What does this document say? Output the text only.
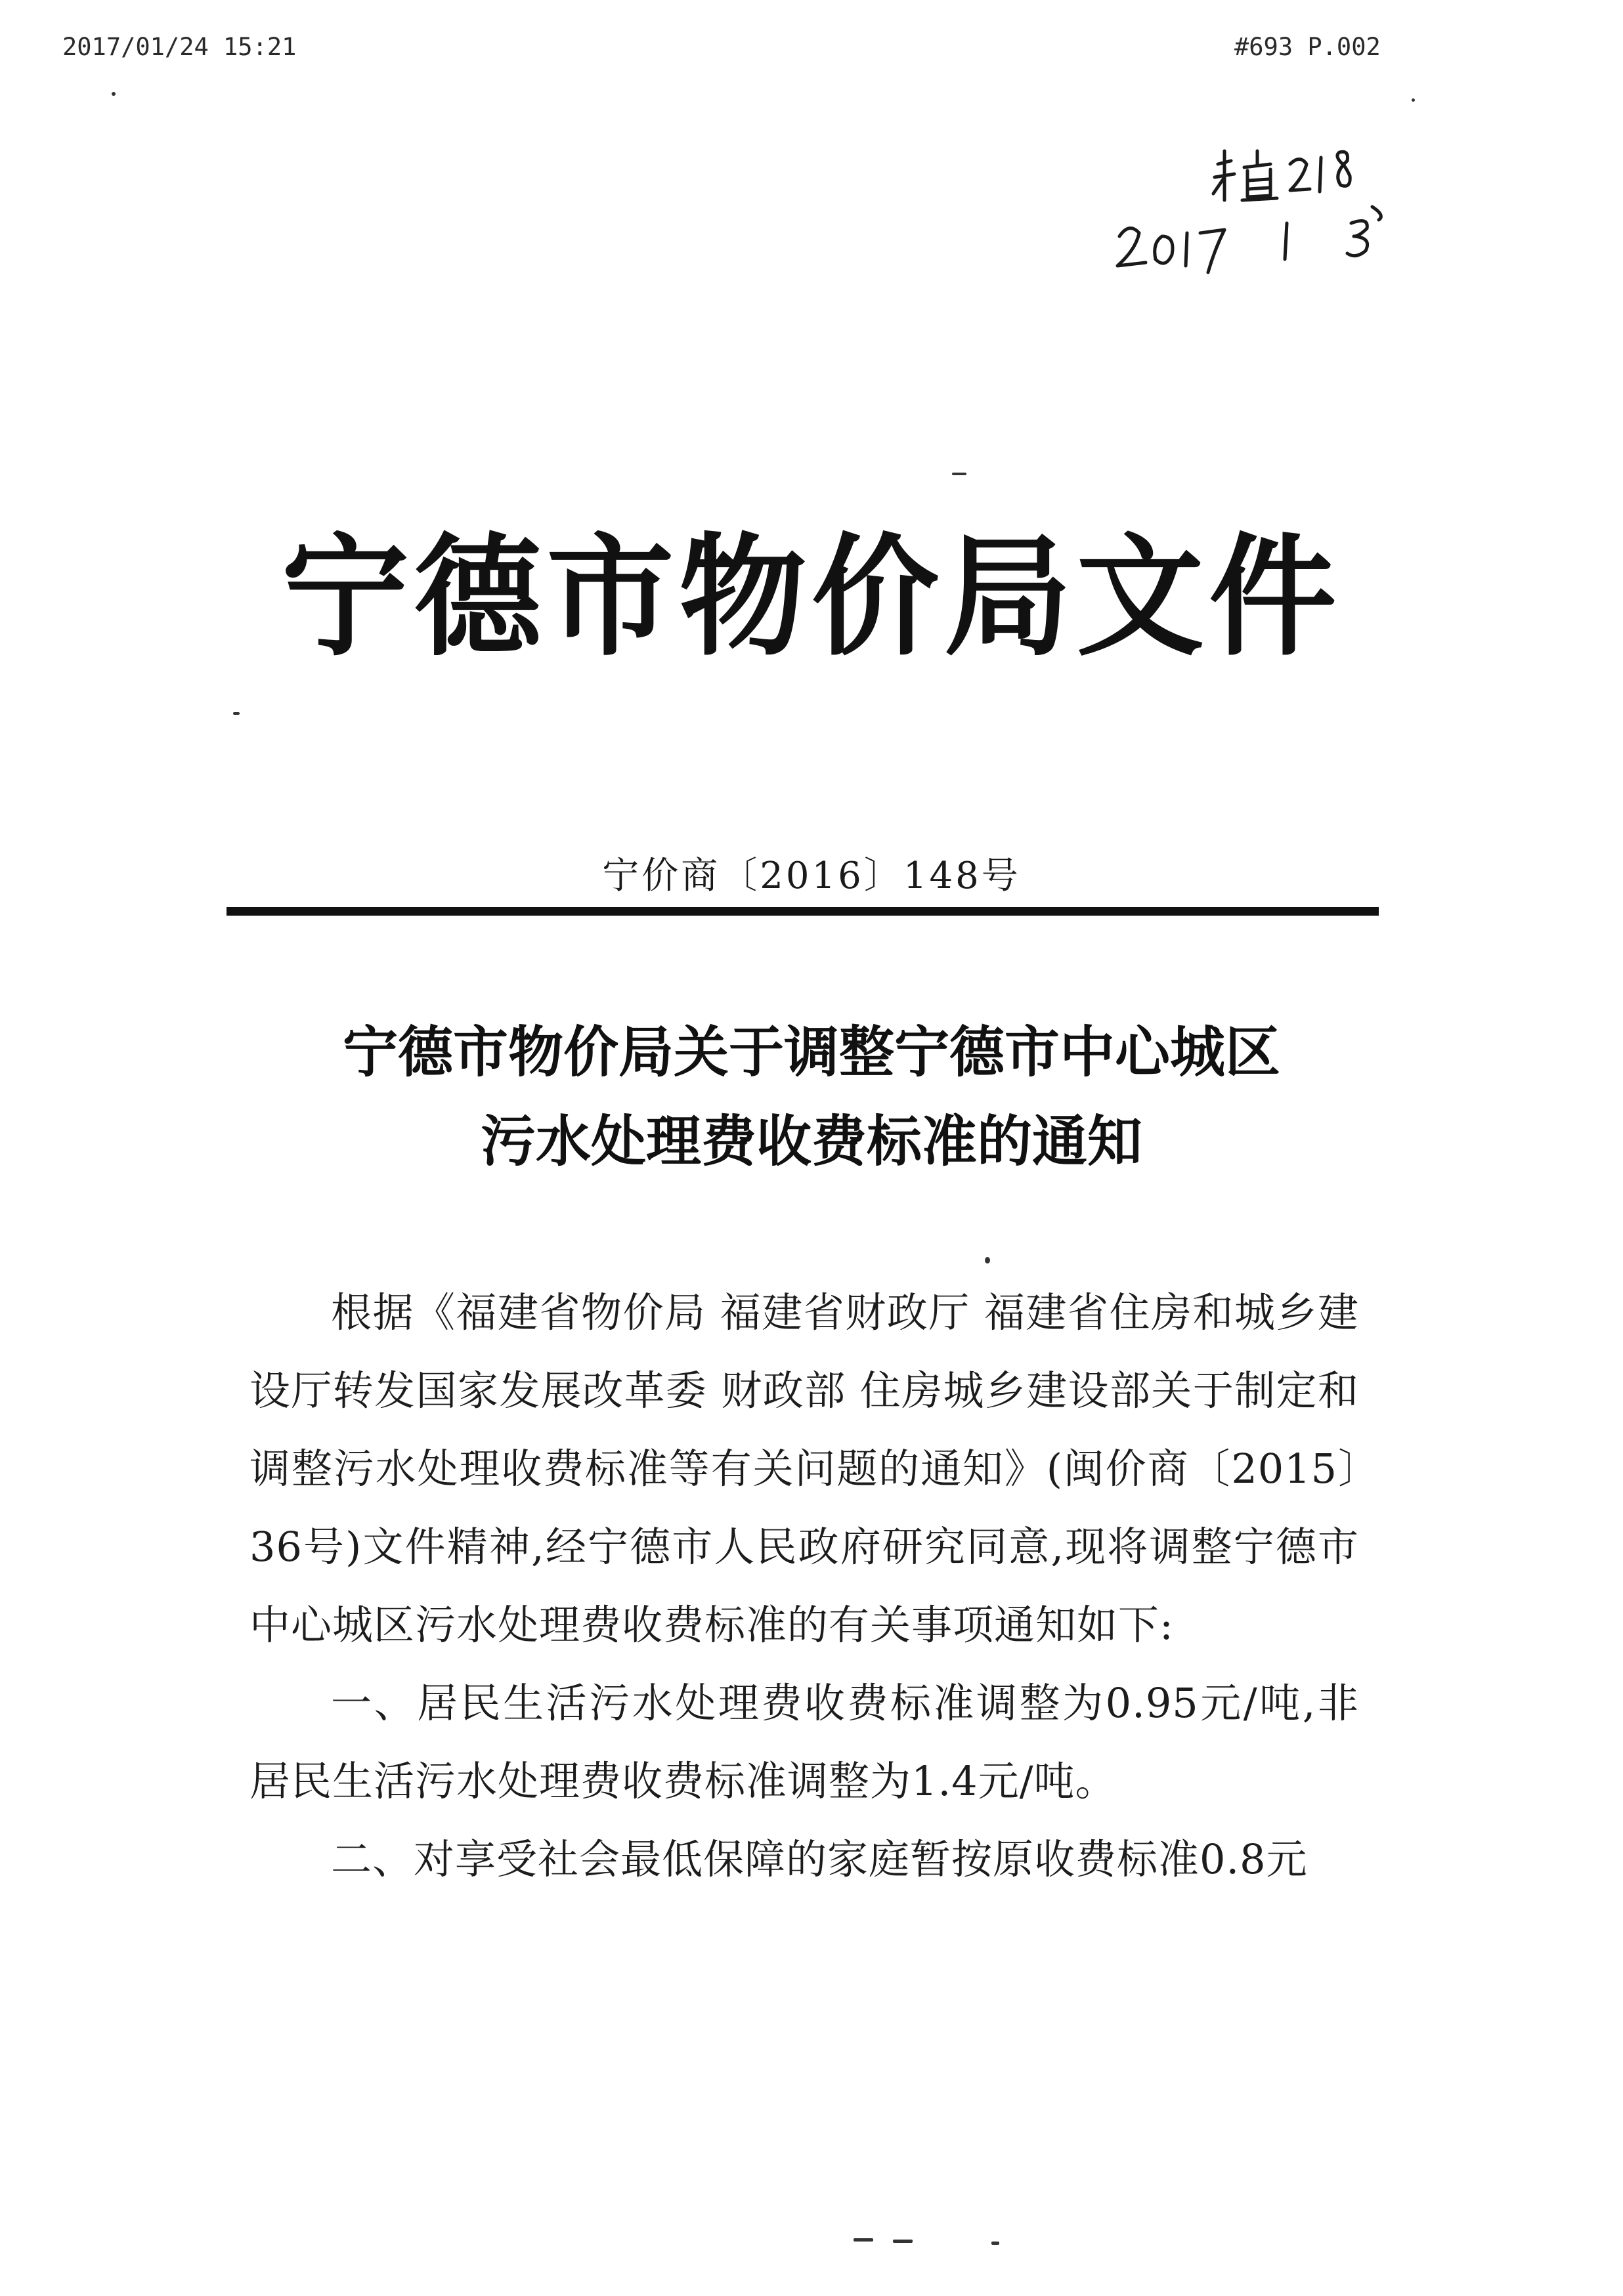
2017/01/24 15:21	#693 P.002
宁德市物价局文件
宁价商〔2016〕148号
宁德市物价局关于调整宁德市中心城区
污水处理费收费标准的通知

根据《福建省物价局 福建省财政厅 福建省住房和城乡建设厅转发国家发展改革委 财政部 住房城乡建设部关于制定和调整污水处理收费标准等有关问题的通知》(闽价商〔2015〕36号)文件精神,经宁德市人民政府研究同意,现将调整宁德市中心城区污水处理费收费标准的有关事项通知如下:

一、居民生活污水处理费收费标准调整为0.95元/吨,非居民生活污水处理费收费标准调整为1.4元/吨。

二、对享受社会最低保障的家庭暂按原收费标准0.8元
